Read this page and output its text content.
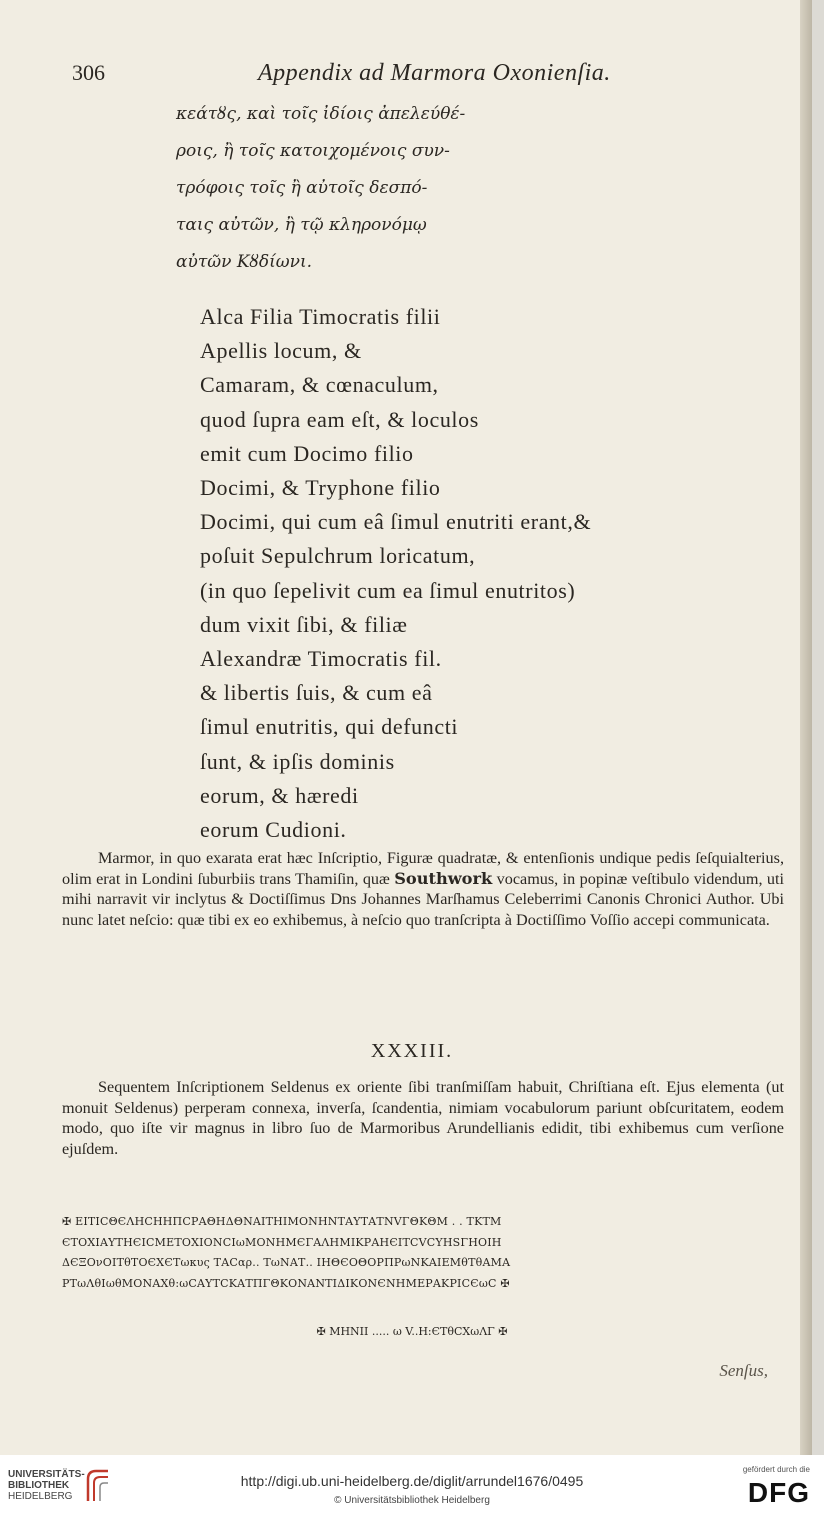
306	Appendix ad Marmora Oxonienſia.
κεάτȣς, καὶ τοῖς ἰδίοις ἀπελεύθέ-
ροις, ἢ τοῖς κατοιχομένοις συν-
τρόφοις τοῖς ἢ αὐτοῖς δεσπό-
ταις αὐτῶν, ἢ τῷ κληρονόμῳ
αὐτῶν Κȣδίωνι.
Alca Filia Timocratis filii
Apellis locum, &
Camaram, & cœnaculum,
quod ſupra eam eſt, & loculos
emit cum Docimo filio
Docimi, & Tryphone filio
Docimi, qui cum eâ ſimul enutriti erant,&
poſuit Sepulchrum loricatum,
(in quo ſepelivit cum ea ſimul enutritos)
dum vixit ſibi, & filiæ
Alexandræ Timocratis fil.
& libertis ſuis, & cum eâ
ſimul enutritis, qui defuncti
ſunt, & ipſis dominis
eorum, & hæredi
eorum Cudioni.
Marmor, in quo exarata erat hæc Inſcriptio, Figuræ quadratæ, & entenſionis undique pedis ſeſquialterius, olim erat in Londini ſuburbiis trans Thamiſin, quæ Southwork vocamus, in popinæ veſtibulo videndum, uti mihi narravit vir inclytus & Doctiſſimus Dns Johannes Marſhamus Celeberrimi Canonis Chronici Author. Ubi nunc latet neſcio: quæ tibi ex eo exhibemus, à neſcio quo tranſcripta à Doctiſſimo Voſſio accepi communicata.
XXXIII.
Sequentem Inſcriptionem Seldenus ex oriente ſibi tranſmiſſam habuit, Chriſtiana eſt. Ejus elementa (ut monuit Seldenus) perperam connexa, inverſa, ſcandentia, nimiam vocabulorum pariunt obſcuritatem, eodem modo, quo iſte vir magnus in libro ſuo de Marmoribus Arundellianis edidit, tibi exhibemus cum verſione ejuſdem.
✠ ΕΙΤΙCΘЄΛΗCΗΗΠCΡΑΘΗΔΘΝΑΙΤΗΙΜΟΝΗΝΤΑΥΤΑΤΝVΓΘΚΘΜ . . ΤΚΤΜ
ЄΤΟΧΙΑΥΤΗЄΙCΜΕΤΟΧΙΟΝCΙωΜΟΝΗΜЄΓΑΛΗΜΙΚΡΑΗЄΙΤϹVCΥΗSΓΗΟΙΗ
ΔЄΞΟνΟΙΤθΤΟЄΧЄΤωκυς ΤΑCαρ.. ΤωΝΑΤ.. ΙΗΘЄΟΘΟΡΠΡωΝΚΑΙΕΜθΤθΑΜΑ
ΡΤωΛθΙωθΜΟΝΑΧθ:ωCΑΥΤϹΚΑΤΠΓΘΚΟΝΑΝΤΙΔΙΚΟΝЄΝΗΜΕΡΑΚΡΙCЄωC ✠
✠ ΜΗΝΙΙ ..... ω V..Η:ЄΤθCΧωΛΓ ✠
Senſus,
UNIVERSITÄTS-
BIBLIOTHEK
HEIDELBERG
http://digi.ub.uni-heidelberg.de/diglit/arrundel1676/0495
© Universitätsbibliothek Heidelberg
gefördert durch die
DFG
